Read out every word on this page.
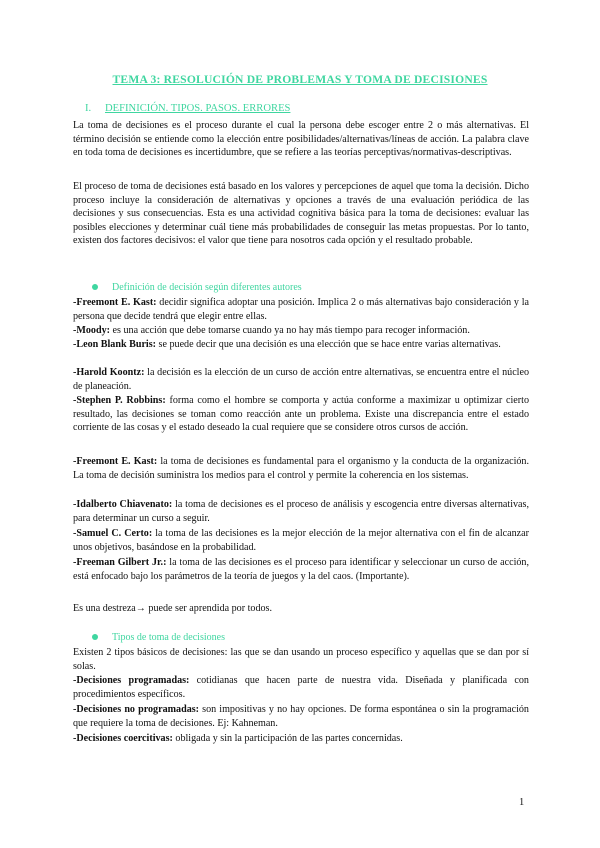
TEMA 3: RESOLUCIÓN DE PROBLEMAS Y TOMA DE DECISIONES
I. DEFINICIÓN. TIPOS. PASOS. ERRORES

La toma de decisiones es el proceso durante el cual la persona debe escoger entre 2 o más alternativas. El término decisión se entiende como la elección entre posibilidades/alternativas/líneas de acción. La palabra clave en toda toma de decisiones es incertidumbre, que se refiere a las teorías perceptivas/normativas-descriptivas.

El proceso de toma de decisiones está basado en los valores y percepciones de aquel que toma la decisión. Dicho proceso incluye la consideración de alternativas y opciones a través de una evaluación periódica de las decisiones y sus consecuencias. Esta es una actividad cognitiva básica para la toma de decisiones: evaluar las posibles elecciones y determinar cuál tiene más probabilidades de conseguir las metas propuestas. Por lo tanto, existen dos factores decisivos: el valor que tiene para nosotros cada opción y el resultado probable.

Definición de decisión según diferentes autores

-Freemont E. Kast: decidir significa adoptar una posición. Implica 2 o más alternativas bajo consideración y la persona que decide tendrá que elegir entre ellas.

-Moody: es una acción que debe tomarse cuando ya no hay más tiempo para recoger información.

-Leon Blank Buris: se puede decir que una decisión es una elección que se hace entre varias alternativas.

-Harold Koontz: la decisión es la elección de un curso de acción entre alternativas, se encuentra entre el núcleo de planeación.

-Stephen P. Robbins: forma como el hombre se comporta y actúa conforme a maximizar u optimizar cierto resultado, las decisiones se toman como reacción ante un problema. Existe una discrepancia entre el estado corriente de las cosas y el estado deseado la cual requiere que se considere otros cursos de acción.

-Freemont E. Kast: la toma de decisiones es fundamental para el organismo y la conducta de la organización. La toma de decisión suministra los medios para el control y permite la coherencia en los sistemas.

-Idalberto Chiavenato: la toma de decisiones es el proceso de análisis y escogencia entre diversas alternativas, para determinar un curso a seguir.

-Samuel C. Certo: la toma de las decisiones es la mejor elección de la mejor alternativa con el fin de alcanzar unos objetivos, basándose en la probabilidad.

-Freeman Gilbert Jr.: la toma de las decisiones es el proceso para identificar y seleccionar un curso de acción, está enfocado bajo los parámetros de la teoría de juegos y la del caos. (Importante).

Es una destreza→ puede ser aprendida por todos.

Tipos de toma de decisiones

Existen 2 tipos básicos de decisiones: las que se dan usando un proceso específico y aquellas que se dan por sí solas.

-Decisiones programadas: cotidianas que hacen parte de nuestra vida. Diseñada y planificada con procedimientos específicos.

-Decisiones no programadas: son impositivas y no hay opciones. De forma espontánea o sin la programación que requiere la toma de decisiones. Ej: Kahneman.

-Decisiones coercitivas: obligada y sin la participación de las partes concernidas.

1
